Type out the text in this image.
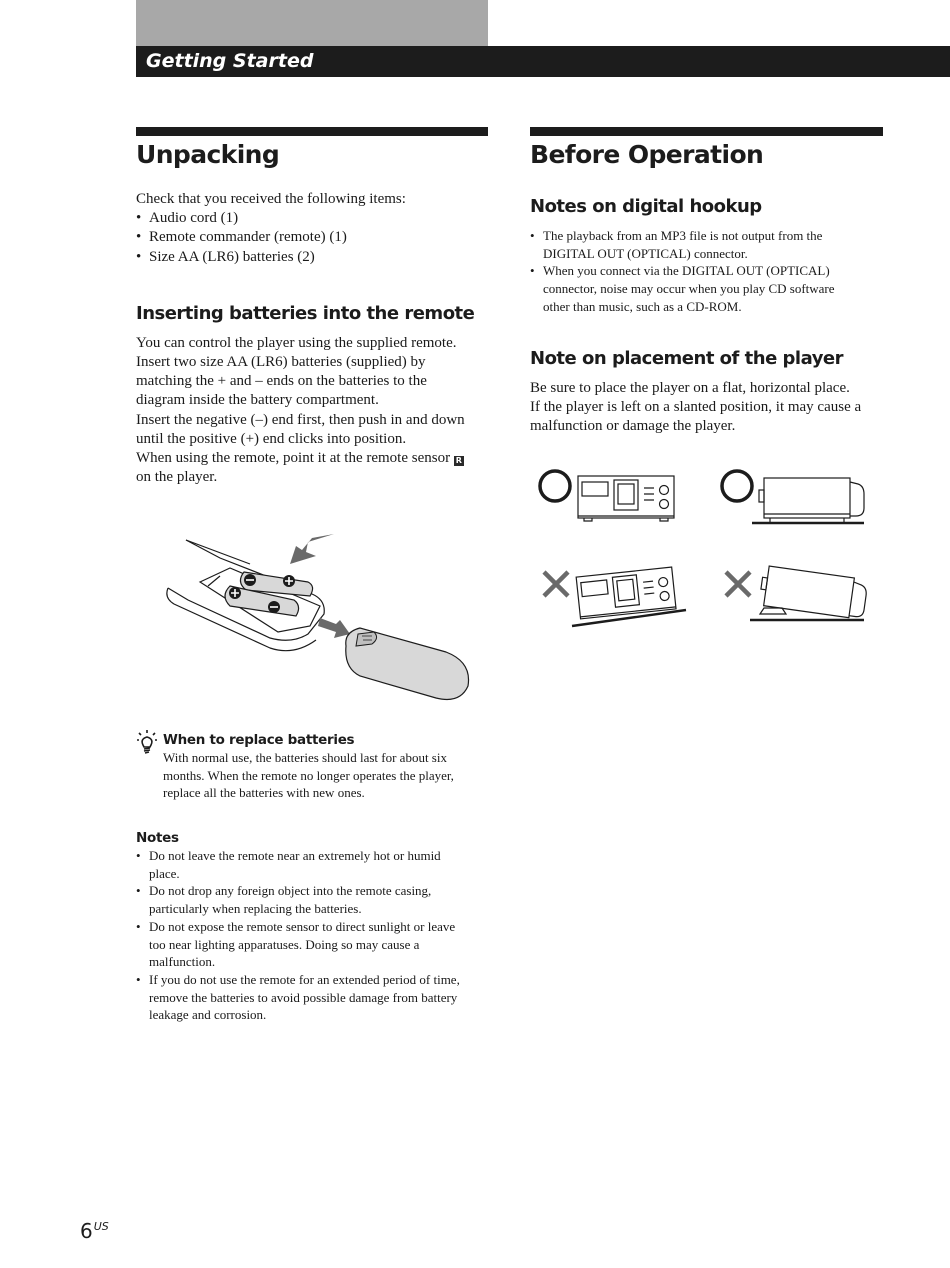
Getting Started
Unpacking

Check that you received the following items:

• Audio cord (1)
• Remote commander (remote) (1)
• Size AA (LR6) batteries (2)
Inserting batteries into the remote

You can control the player using the supplied remote.

Insert two size AA (LR6) batteries (supplied) by

matching the + and – ends on the batteries to the

diagram inside the battery compartment.

Insert the negative (–) end first, then push in and down

until the positive (+) end clicks into position.

When using the remote, point it at the remote sensor R

on the player.

When to replace batteries

With normal use, the batteries should last for about six

months. When the remote no longer operates the player,

replace all the batteries with new ones.

Notes
• Do not leave the remote near an extremely hot or humid
place.
• Do not drop any foreign object into the remote casing,
particularly when replacing the batteries.
• Do not expose the remote sensor to direct sunlight or leave
too near lighting apparatuses. Doing so may cause a
malfunction.
• If you do not use the remote for an extended period of time,
remove the batteries to avoid possible damage from battery
leakage and corrosion.
Before Operation
Notes on digital hookup
• The playback from an MP3 file is not output from the
DIGITAL OUT (OPTICAL) connector.
• When you connect via the DIGITAL OUT (OPTICAL)
connector, noise may occur when you play CD software
other than music, such as a CD-ROM.
Note on placement of the player

Be sure to place the player on a flat, horizontal place.

If the player is left on a slanted position, it may cause a

malfunction or damage the player.

$6^{US}$
